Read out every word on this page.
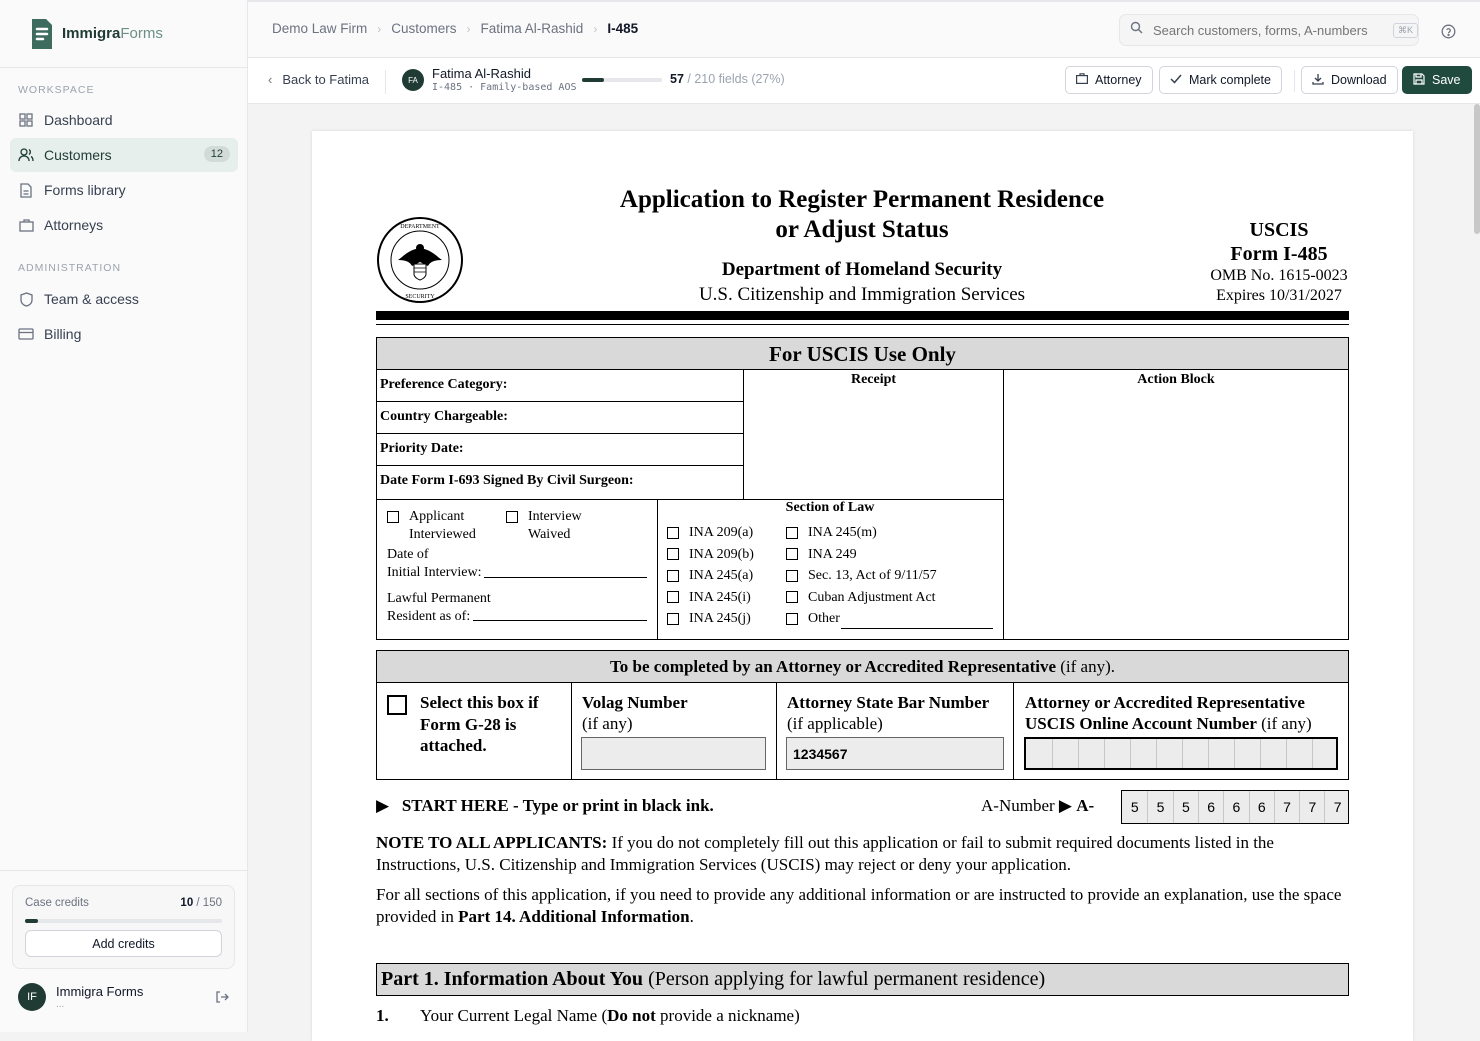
ImmigraForms
WORKSPACE
Dashboard
Customers	12
Forms library
Attorneys
ADMINISTRATION
Team & access
Billing
Case credits	10 / 150
Add credits
IF	Immigra Forms
...
Demo Law Firm › Customers › Fatima Al-Rashid › I-485
Search customers, forms, A-numbers	⌘K
‹ Back to Fatima	FA	Fatima Al-Rashid
I-485 · Family-based AOS
57 / 210 fields (27%)	Attorney	Mark complete	Download	Save
Application to Register Permanent Residence
or Adjust Status
Department of Homeland Security
U.S. Citizenship and Immigration Services
USCIS
Form I-485
OMB No. 1615-0023
Expires 10/31/2027
DEPARTMENT
SECURITY
For USCIS Use Only
Preference Category:
Country Chargeable:
Priority Date:
Date Form I-693 Signed By Civil Surgeon:
Receipt	Action Block
Applicant
Interviewed
Interview
Waived
Date of
Initial Interview:
Lawful Permanent
Resident as of:
Section of Law
INA 209(a)
INA 209(b)
INA 245(a)
INA 245(i)
INA 245(j)
INA 245(m)
INA 249
Sec. 13, Act of 9/11/57
Cuban Adjustment Act
Other
To be completed by an Attorney or Accredited Representative (if any).
Select this box if
Form G-28 is
attached.
Volag Number
(if any)
Attorney State Bar Number
(if applicable)
1234567
Attorney or Accredited Representative
USCIS Online Account Number (if any)
▶   START HERE - Type or print in black ink.	A-Number ▶ A-	5	5	5	6	6	6	7	7	7
NOTE TO ALL APPLICANTS: If you do not completely fill out this application or fail to submit required documents listed in the Instructions, U.S. Citizenship and Immigration Services (USCIS) may reject or deny your application.
For all sections of this application, if you need to provide any additional information or are instructed to provide an explanation, use the space provided in Part 14. Additional Information.
Part 1. Information About You (Person applying for lawful permanent residence)
1. Your Current Legal Name (Do not provide a nickname)
